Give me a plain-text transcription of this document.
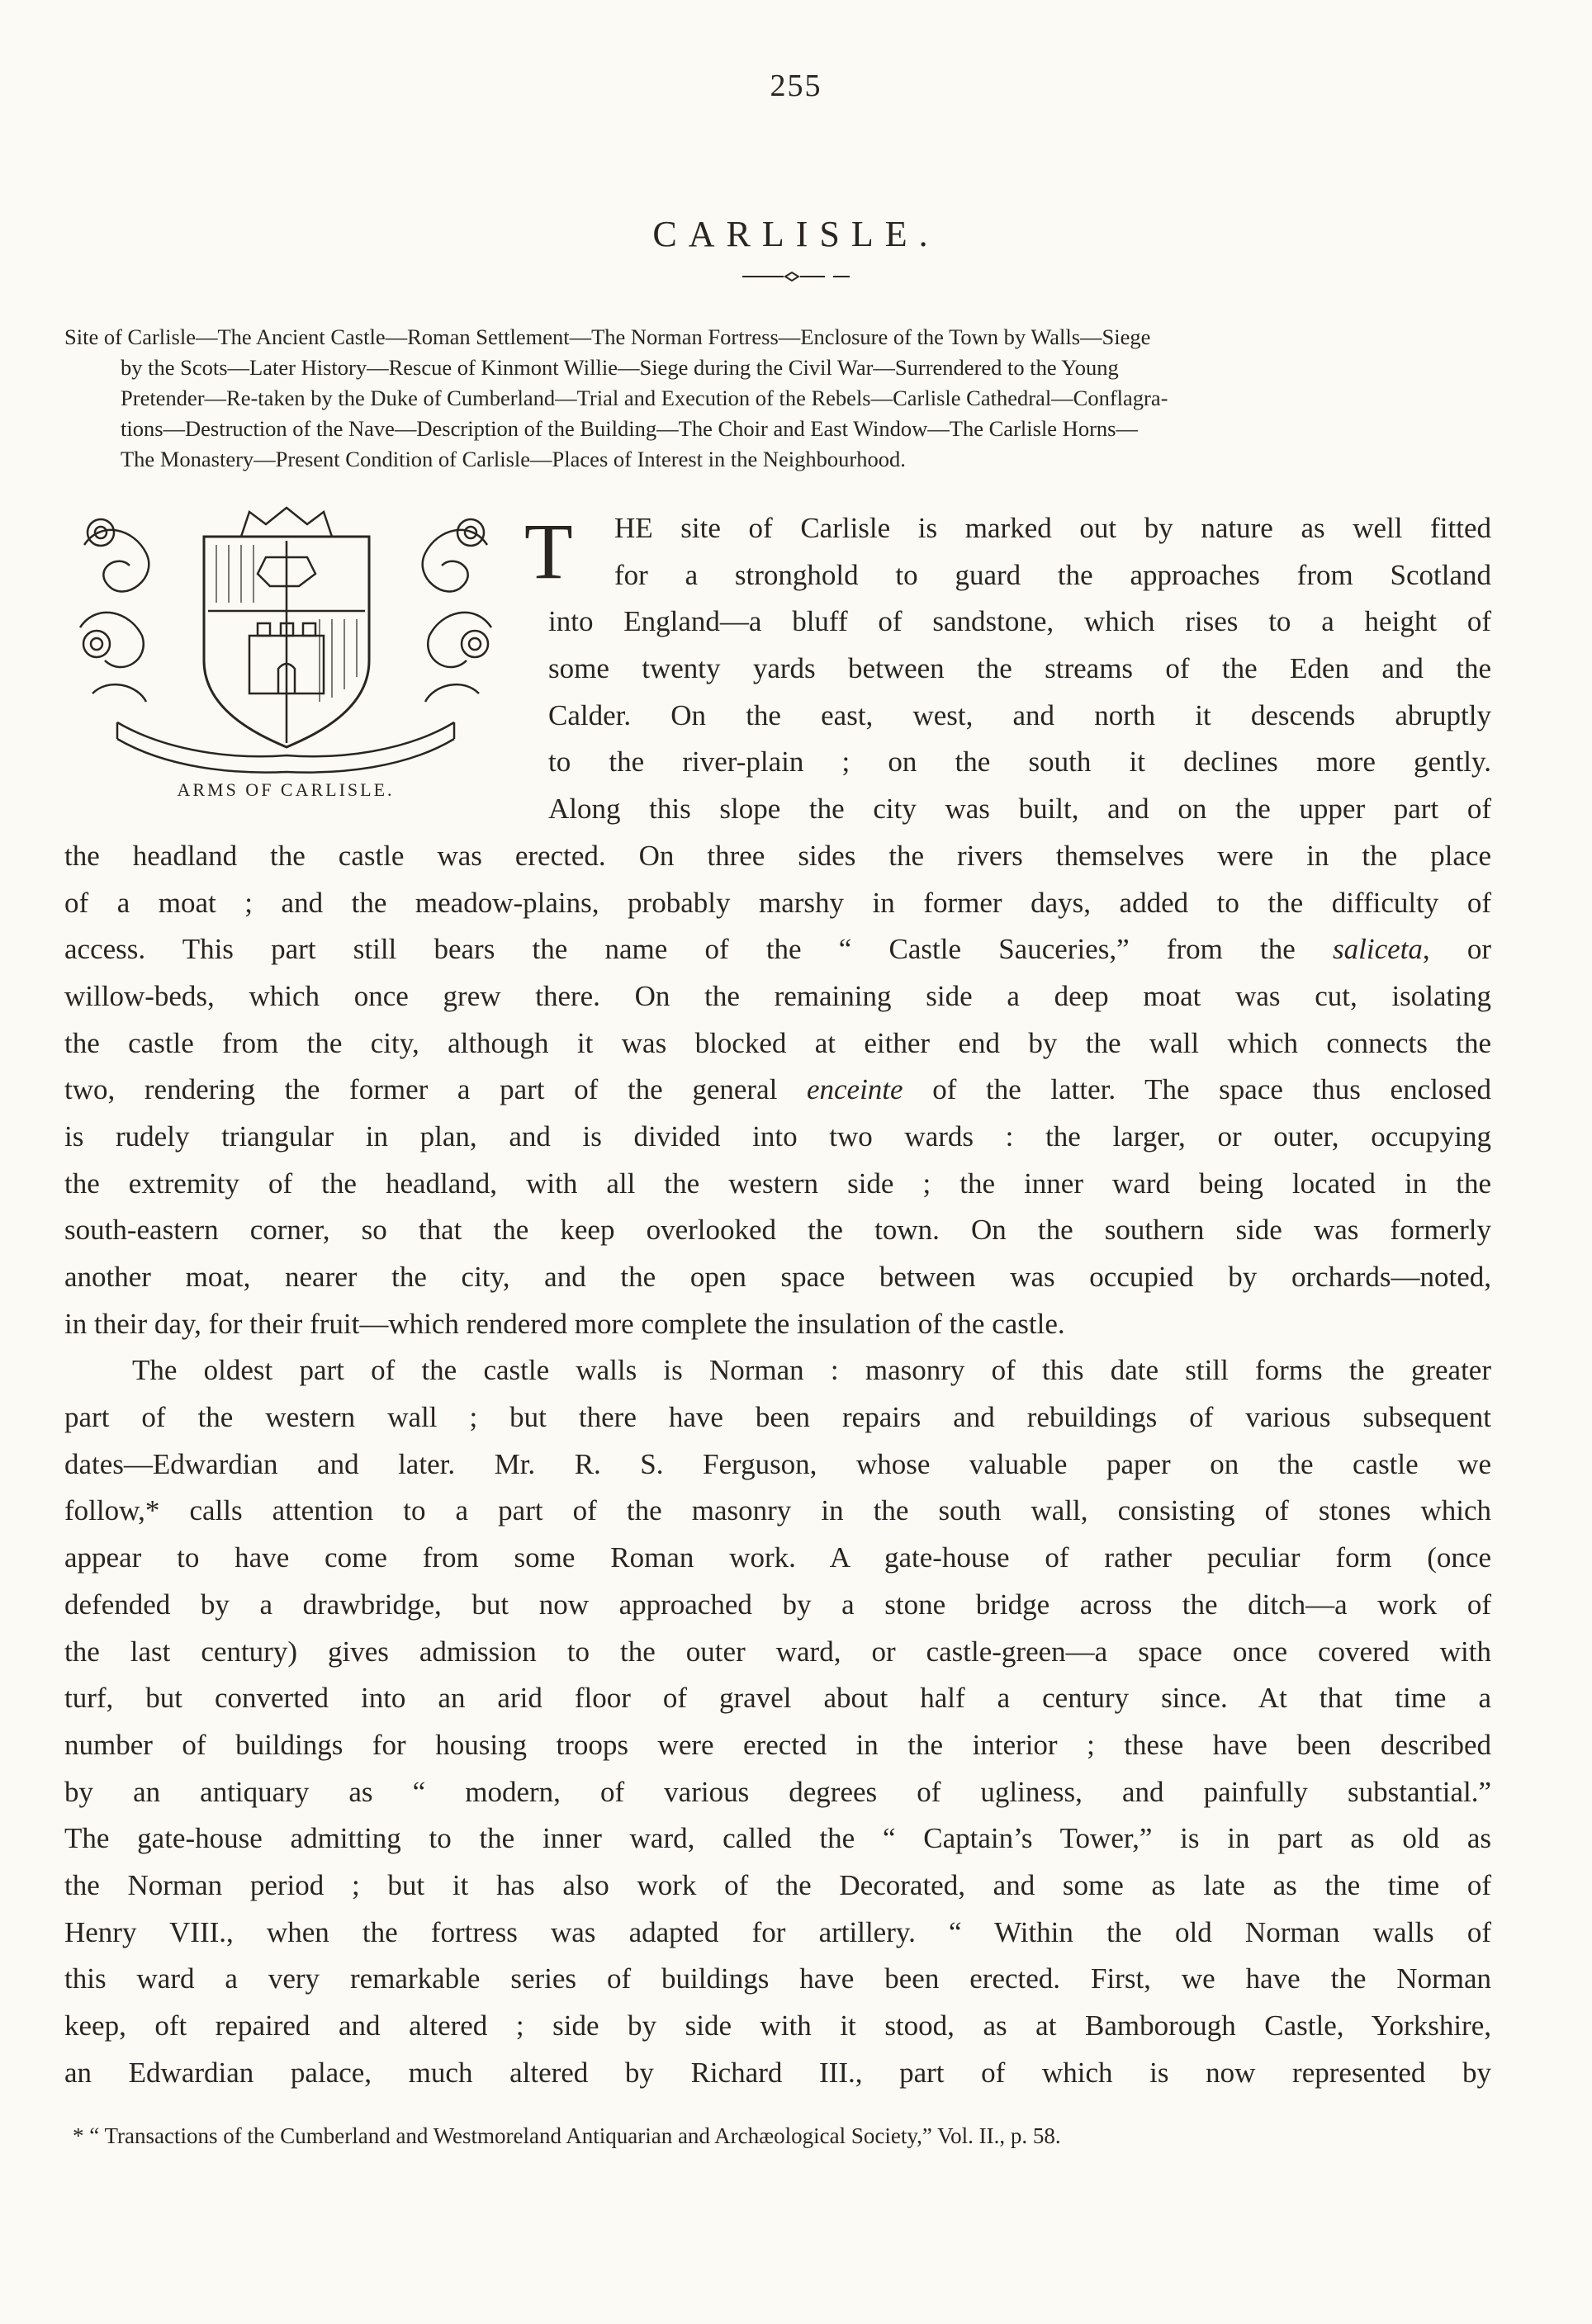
255
CARLISLE.
Site of Carlisle—The Ancient Castle—Roman Settlement—The Norman Fortress—Enclosure of the Town by Walls—Siege
by the Scots—Later History—Rescue of Kinmont Willie—Siege during the Civil War—Surrendered to the Young
Pretender—Re-taken by the Duke of Cumberland—Trial and Execution of the Rebels—Carlisle Cathedral—Conflagra-
tions—Destruction of the Nave—Description of the Building—The Choir and East Window—The Carlisle Horns—
The Monastery—Present Condition of Carlisle—Places of Interest in the Neighbourhood.
ARMS OF CARLISLE.
T HE site of Carlisle is marked out by nature as well fitted
for a stronghold to guard the approaches from Scotland
into England—a bluff of sandstone, which rises to a height of
some twenty yards between the streams of the Eden and the
Calder. On the east, west, and north it descends abruptly
to the river-plain ; on the south it declines more gently.
Along this slope the city was built, and on the upper part of
the headland the castle was erected. On three sides the rivers themselves were in the place
of a moat ; and the meadow-plains, probably marshy in former days, added to the difficulty of
access. This part still bears the name of the “ Castle Sauceries,” from the saliceta, or
willow-beds, which once grew there. On the remaining side a deep moat was cut, isolating
the castle from the city, although it was blocked at either end by the wall which connects the
two, rendering the former a part of the general enceinte of the latter. The space thus enclosed
is rudely triangular in plan, and is divided into two wards : the larger, or outer, occupying
the extremity of the headland, with all the western side ; the inner ward being located in the
south-eastern corner, so that the keep overlooked the town. On the southern side was formerly
another moat, nearer the city, and the open space between was occupied by orchards—noted,
in their day, for their fruit—which rendered more complete the insulation of the castle.
The oldest part of the castle walls is Norman : masonry of this date still forms the greater
part of the western wall ; but there have been repairs and rebuildings of various subsequent
dates—Edwardian and later. Mr. R. S. Ferguson, whose valuable paper on the castle we
follow,* calls attention to a part of the masonry in the south wall, consisting of stones which
appear to have come from some Roman work. A gate-house of rather peculiar form (once
defended by a drawbridge, but now approached by a stone bridge across the ditch—a work of
the last century) gives admission to the outer ward, or castle-green—a space once covered with
turf, but converted into an arid floor of gravel about half a century since. At that time a
number of buildings for housing troops were erected in the interior ; these have been described
by an antiquary as “ modern, of various degrees of ugliness, and painfully substantial.”
The gate-house admitting to the inner ward, called the “ Captain’s Tower,” is in part as old as
the Norman period ; but it has also work of the Decorated, and some as late as the time of
Henry VIII., when the fortress was adapted for artillery. “ Within the old Norman walls of
this ward a very remarkable series of buildings have been erected. First, we have the Norman
keep, oft repaired and altered ; side by side with it stood, as at Bamborough Castle, Yorkshire,
an Edwardian palace, much altered by Richard III., part of which is now represented by
* “ Transactions of the Cumberland and Westmoreland Antiquarian and Archæological Society,” Vol. II., p. 58.
